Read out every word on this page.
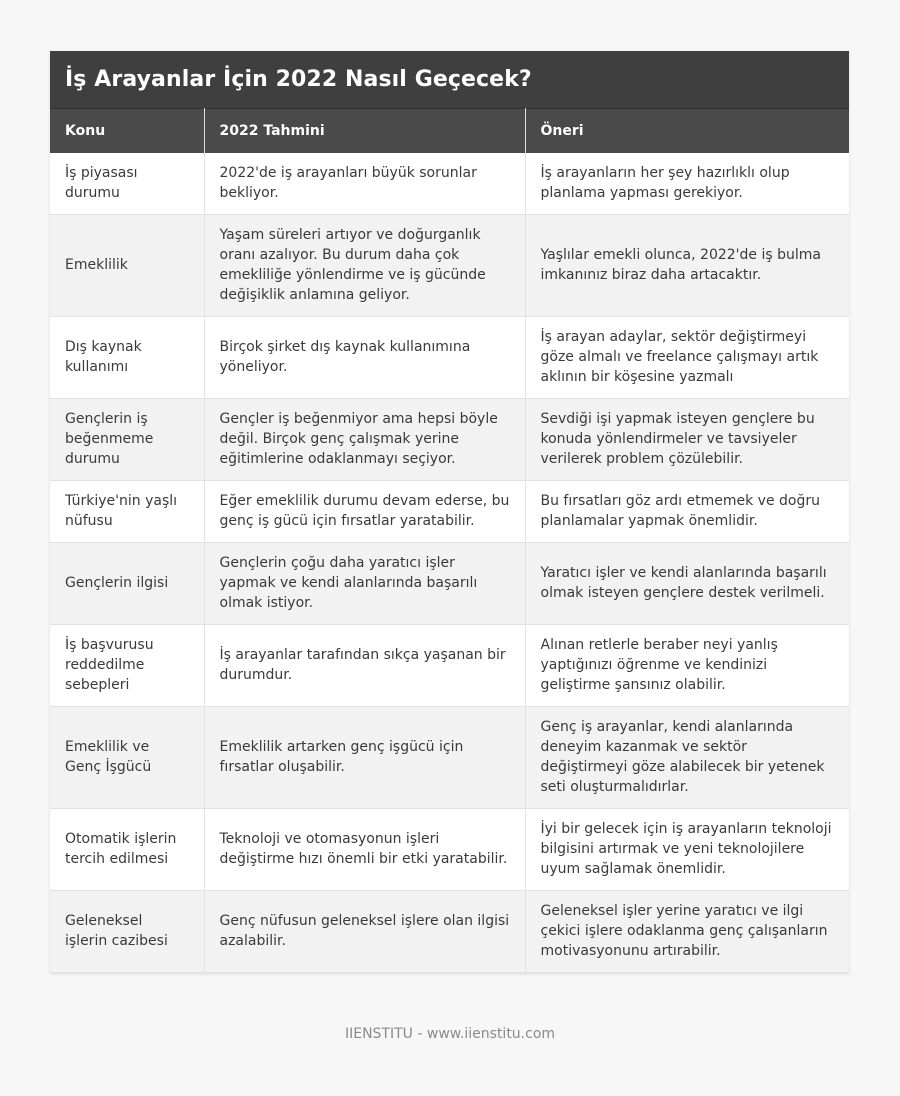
İş Arayanlar İçin 2022 Nasıl Geçecek?
Konu	2022 Tahmini	Öneri
İş piyasası durumu	2022'de iş arayanları büyük sorunlar bekliyor.	İş arayanların her şey hazırlıklı olup planlama yapması gerekiyor.
Emeklilik	Yaşam süreleri artıyor ve doğurganlık oranı azalıyor. Bu durum daha çok emekliliğe yönlendirme ve iş gücünde değişiklik anlamına geliyor.	Yaşlılar emekli olunca, 2022'de iş bulma imkanınız biraz daha artacaktır.
Dış kaynak kullanımı	Birçok şirket dış kaynak kullanımına yöneliyor.	İş arayan adaylar, sektör değiştirmeyi göze almalı ve freelance çalışmayı artık aklının bir köşesine yazmalı
Gençlerin iş beğenmeme durumu	Gençler iş beğenmiyor ama hepsi böyle değil. Birçok genç çalışmak yerine eğitimlerine odaklanmayı seçiyor.	Sevdiği işi yapmak isteyen gençlere bu konuda yönlendirmeler ve tavsiyeler verilerek problem çözülebilir.
Türkiye'nin yaşlı nüfusu	Eğer emeklilik durumu devam ederse, bu genç iş gücü için fırsatlar yaratabilir.	Bu fırsatları göz ardı etmemek ve doğru planlamalar yapmak önemlidir.
Gençlerin ilgisi	Gençlerin çoğu daha yaratıcı işler yapmak ve kendi alanlarında başarılı olmak istiyor.	Yaratıcı işler ve kendi alanlarında başarılı olmak isteyen gençlere destek verilmeli.
İş başvurusu reddedilme sebepleri	İş arayanlar tarafından sıkça yaşanan bir durumdur.	Alınan retlerle beraber neyi yanlış yaptığınızı öğrenme ve kendinizi geliştirme şansınız olabilir.
Emeklilik ve Genç İşgücü	Emeklilik artarken genç işgücü için fırsatlar oluşabilir.	Genç iş arayanlar, kendi alanlarında deneyim kazanmak ve sektör değiştirmeyi göze alabilecek bir yetenek seti oluşturmalıdırlar.
Otomatik işlerin tercih edilmesi	Teknoloji ve otomasyonun işleri değiştirme hızı önemli bir etki yaratabilir.	İyi bir gelecek için iş arayanların teknoloji bilgisini artırmak ve yeni teknolojilere uyum sağlamak önemlidir.
Geleneksel işlerin cazibesi	Genç nüfusun geleneksel işlere olan ilgisi azalabilir.	Geleneksel işler yerine yaratıcı ve ilgi çekici işlere odaklanma genç çalışanların motivasyonunu artırabilir.
IIENSTITU - www.iienstitu.com
